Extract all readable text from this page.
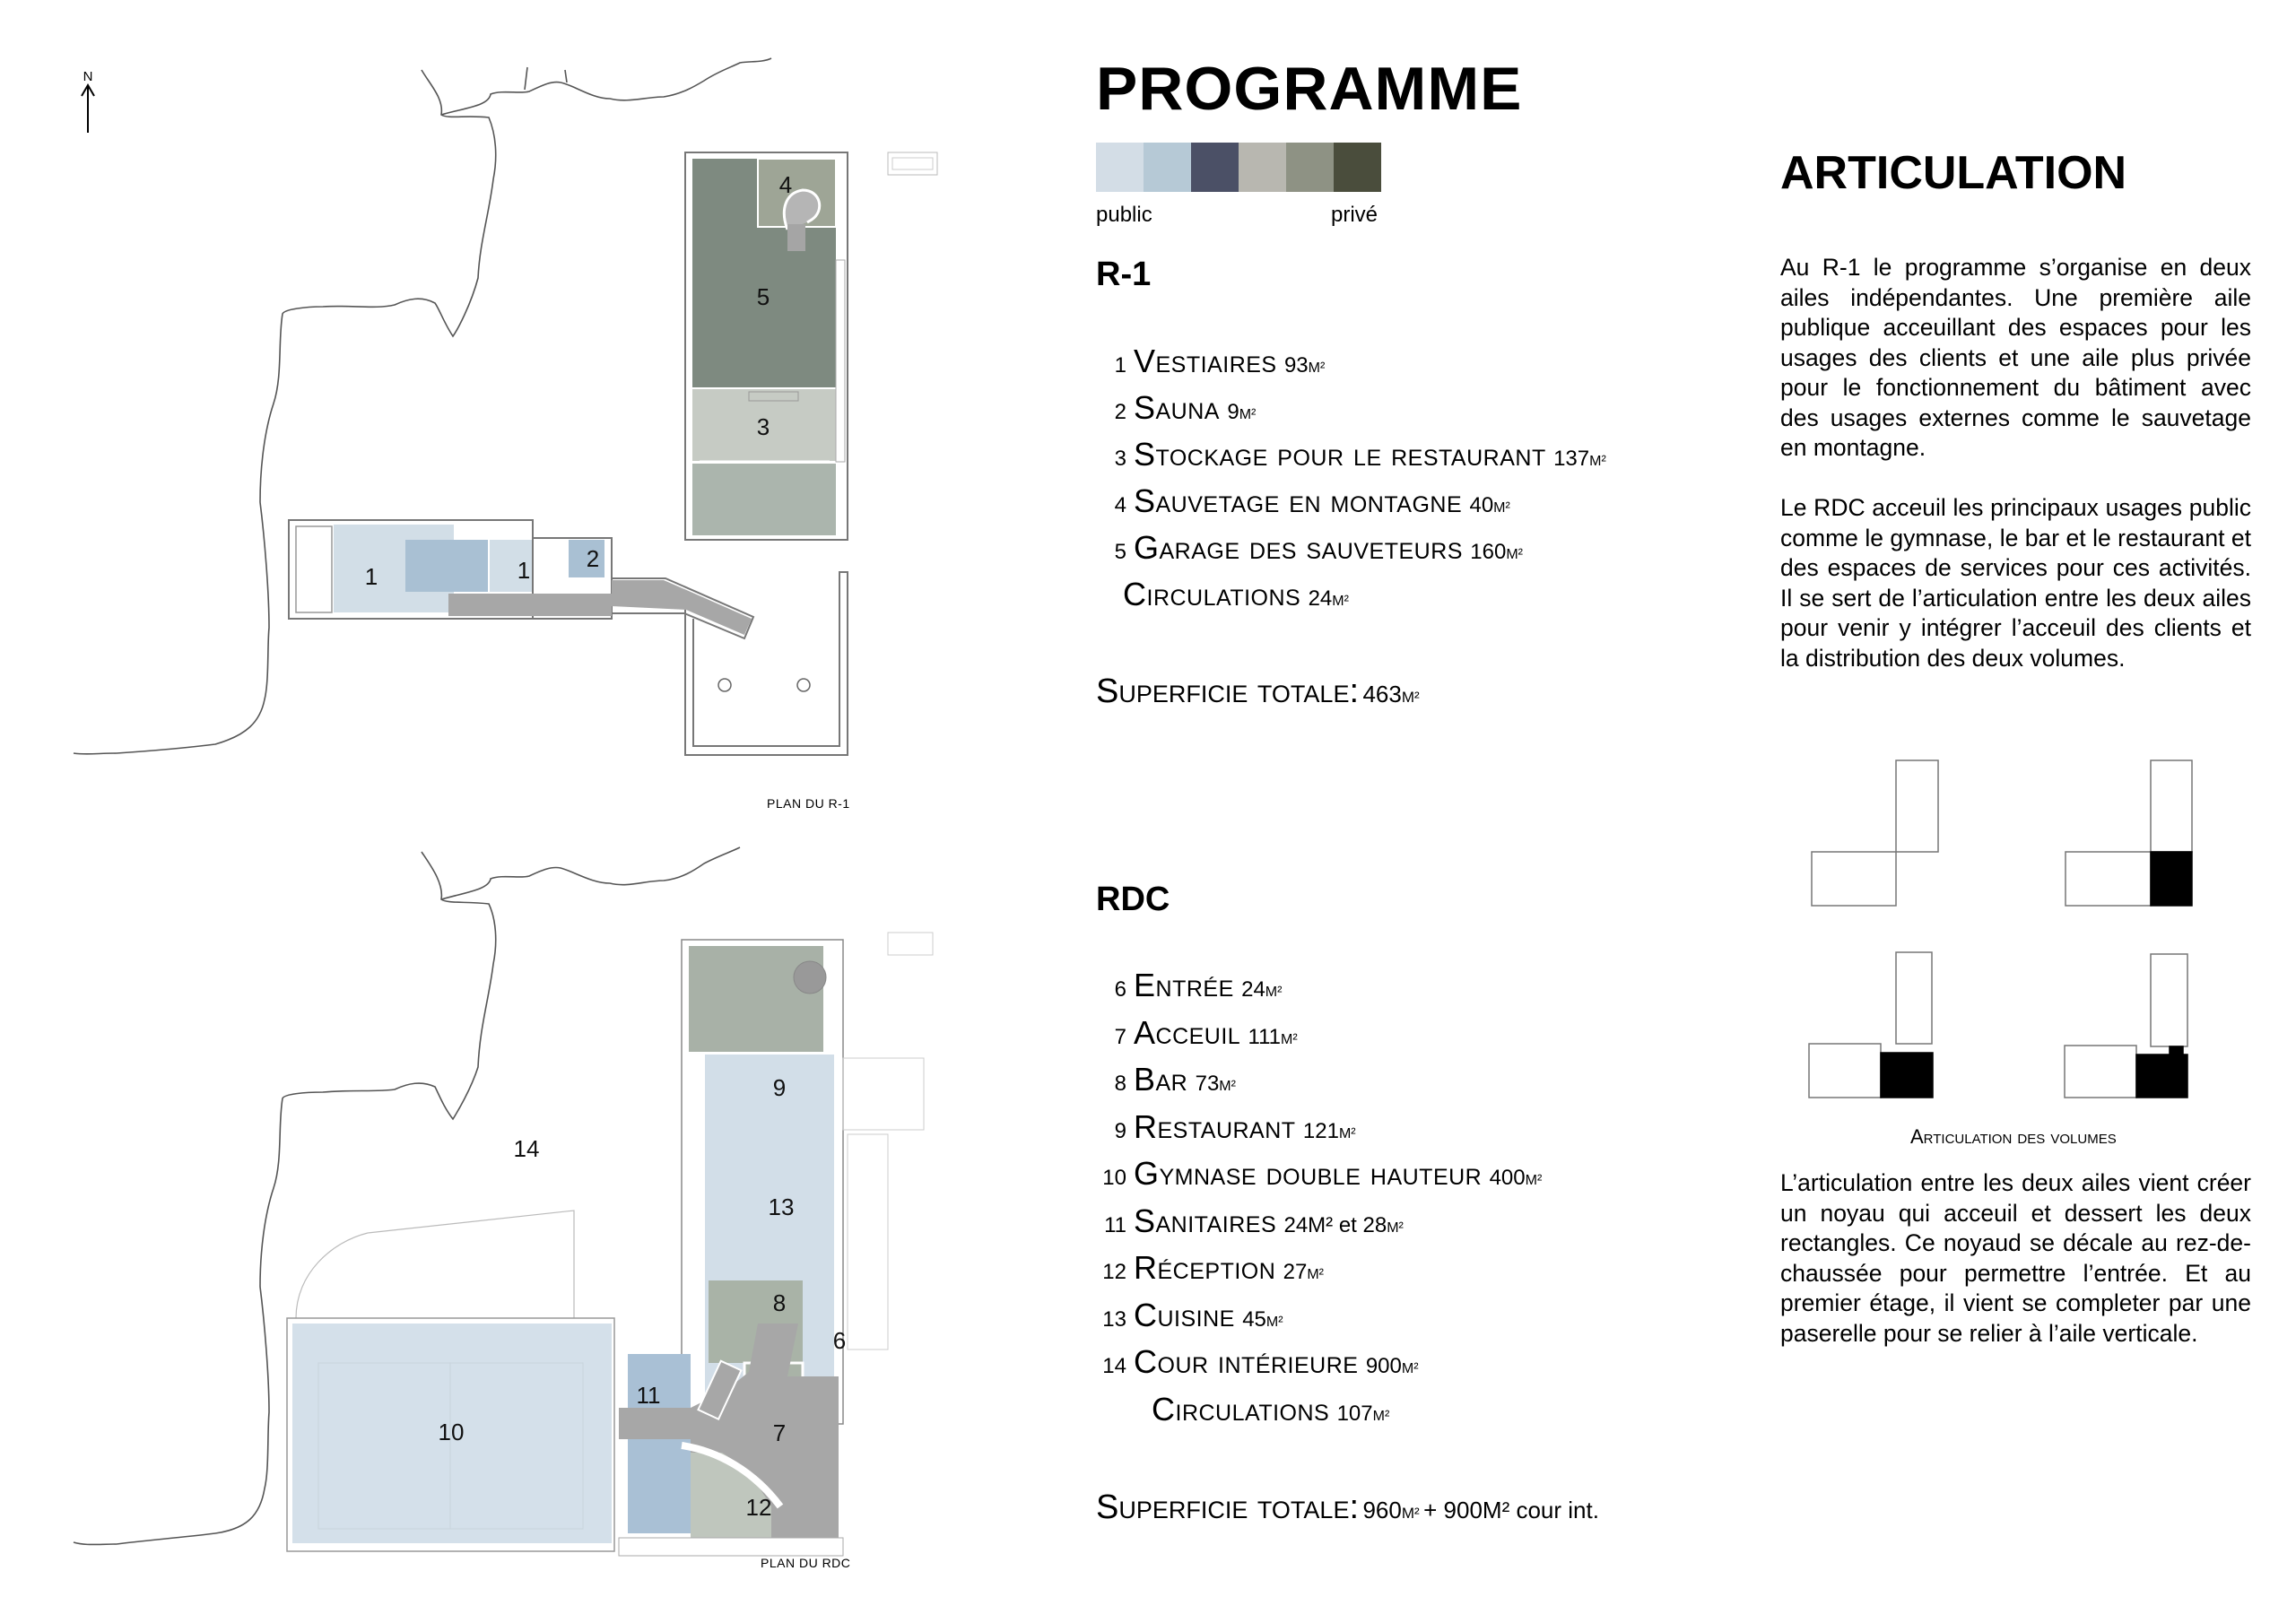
N
1	1 2
3
4
5
6
7
8
9
10
11
12
13
14
PLAN DU R-1
PLAN DU RDC
PROGRAMME
public	privé
R-1
1 Vestiaires 93M²
2 Sauna 9M²
3 Stockage pour le restaurant 137M²
4 Sauvetage en montagne 40M²
5 Garage des sauveteurs 160M²
Circulations 24M²
Superficie totale: 463M²
RDC
6 Entrée 24M²
7 Acceuil 111M²
8 Bar 73M²
9 Restaurant 121M²
10 Gymnase double hauteur 400M²
11 Sanitaires 24M² et 28M²
12 Réception 27M²
13 Cuisine 45M²
14 Cour intérieure 900M²
Circulations 107M²
Superficie totale: 960M² + 900M² cour int.
ARTICULATION

Au R-1 le programme s’organise en deux ailes indépendantes. Une première aile publique acceuillant des espaces pour les usages des clients et une aile plus privée pour le fonctionnement du bâtiment avec des usages externes comme le sauvetage en montagne.

Le RDC acceuil les principaux usages public comme le gymnase, le bar et le restaurant et des espaces de services pour ces activités. Il se sert de l’articulation entre les deux ailes pour venir y intégrer l’acceuil des clients et la distribution des deux volumes.

Articulation des volumes

L’articulation entre les deux ailes vient créer un noyau qui acceuil et dessert les deux rectangles. Ce noyaud se décale au rez-de-chaussée pour permettre l’entrée. Et au premier étage, il vient se completer par une paserelle pour se relier à l’aile verticale.
